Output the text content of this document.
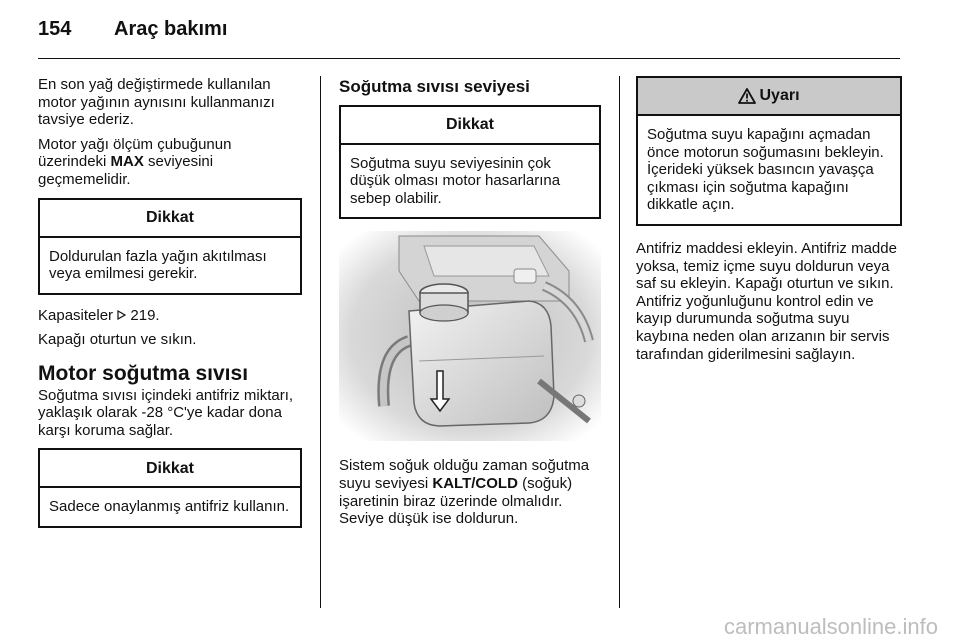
154	Araç bakımı

En son yağ değiştirmede kullanılan motor yağının aynısını kullanmanızı tavsiye ederiz.

Motor yağı ölçüm çubuğunun üzerindeki MAX seviyesini geçmemelidir.

Dikkat
Doldurulan fazla yağın akıtılması veya emilmesi gerekir.

Kapasiteler  219.

Kapağı oturtun ve sıkın.

Motor soğutma sıvısı

Soğutma sıvısı içindeki antifriz miktarı, yaklaşık olarak -28 °C'ye kadar dona karşı koruma sağlar.

Dikkat
Sadece onaylanmış antifriz kullanın.
Soğutma sıvısı seviyesi
Dikkat
Soğutma suyu seviyesinin çok düşük olması motor hasarlarına sebep olabilir.

Sistem soğuk olduğu zaman soğutma suyu seviyesi KALT/COLD (soğuk) işaretinin biraz üzerinde olmalıdır. Seviye düşük ise doldurun.

Uyarı
Soğutma suyu kapağını açmadan önce motorun soğumasını bekleyin. İçerideki yüksek basıncın yavaşça çıkması için soğutma kapağını dikkatle açın.

Antifriz maddesi ekleyin. Antifriz madde yoksa, temiz içme suyu doldurun veya saf su ekleyin. Kapağı oturtun ve sıkın. Antifriz yoğunluğunu kontrol edin ve kayıp durumunda soğutma suyu kaybına neden olan arızanın bir servis tarafından giderilmesini sağlayın.

carmanualsonline.info
